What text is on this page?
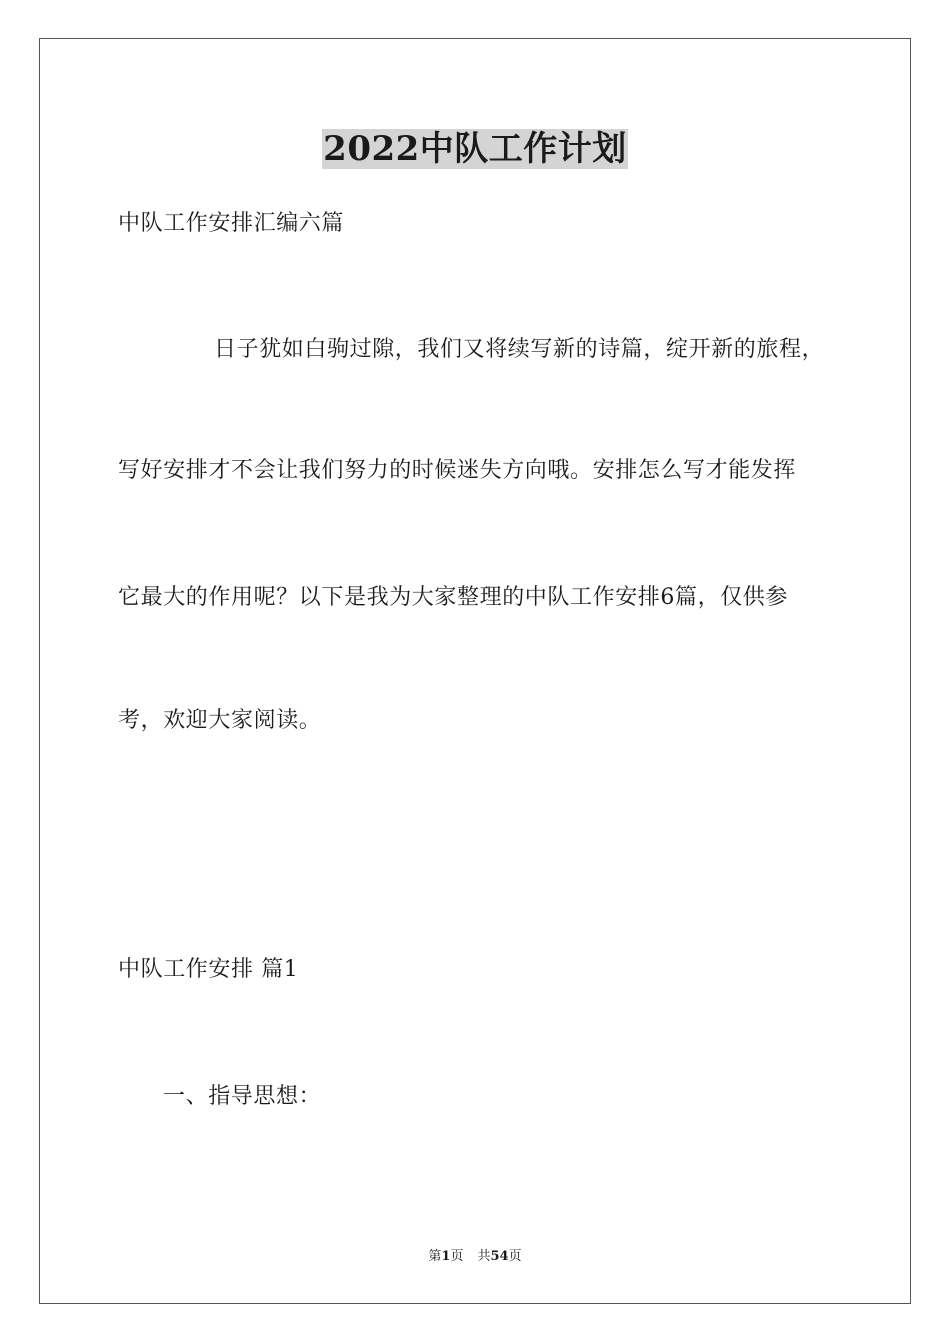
2022中队工作计划
中队工作安排汇编六篇
日子犹如白驹过隙，我们又将续写新的诗篇，绽开新的旅程，
写好安排才不会让我们努力的时候迷失方向哦。安排怎么写才能发挥
它最大的作用呢？以下是我为大家整理的中队工作安排6篇，仅供参
考，欢迎大家阅读。
中队工作安排 篇1
一、指导思想：
第1页 共54页
